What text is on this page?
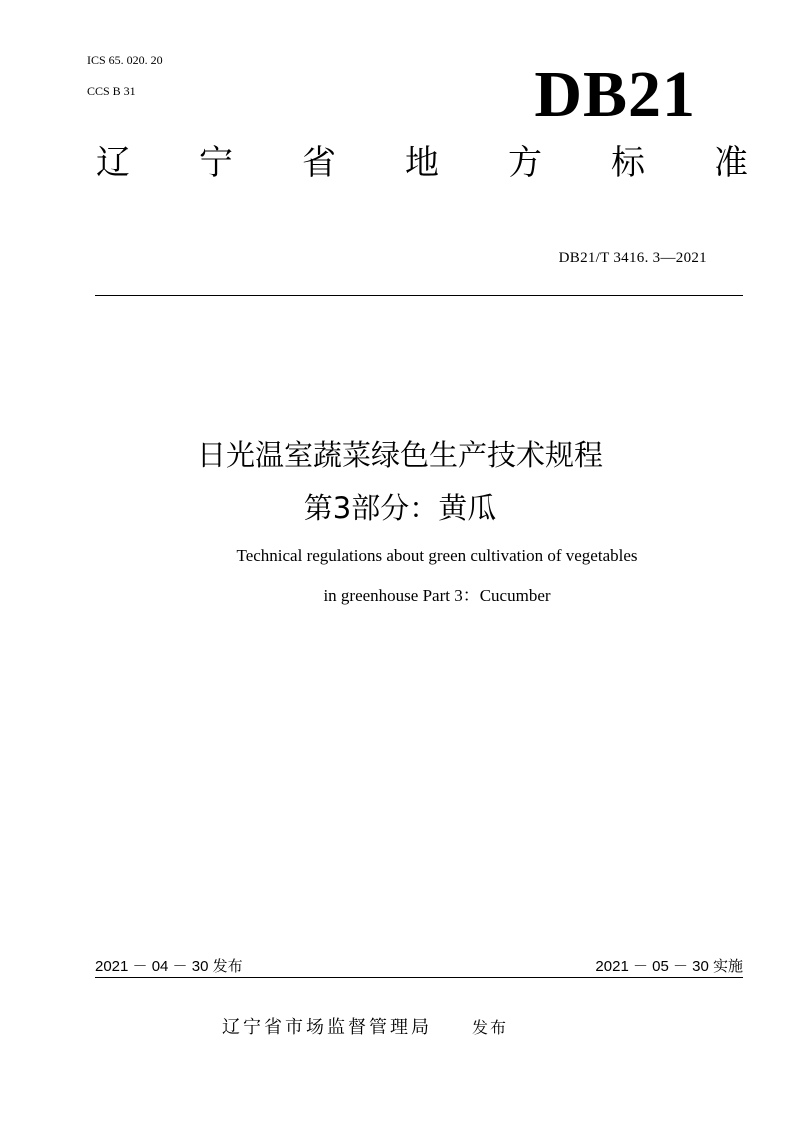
ICS 65. 020. 20
CCS B 31	DB21
辽 宁 省 地 方 标 准
DB21/T 3416. 3—2021
日光温室蔬菜绿色生产技术规程
第3部分：黄瓜
Technical regulations about green cultivation of vegetables
in greenhouse Part 3：Cucumber
2021 － 04 － 30 发布	2021 － 05 － 30 实施
辽宁省市场监督管理局	发布
